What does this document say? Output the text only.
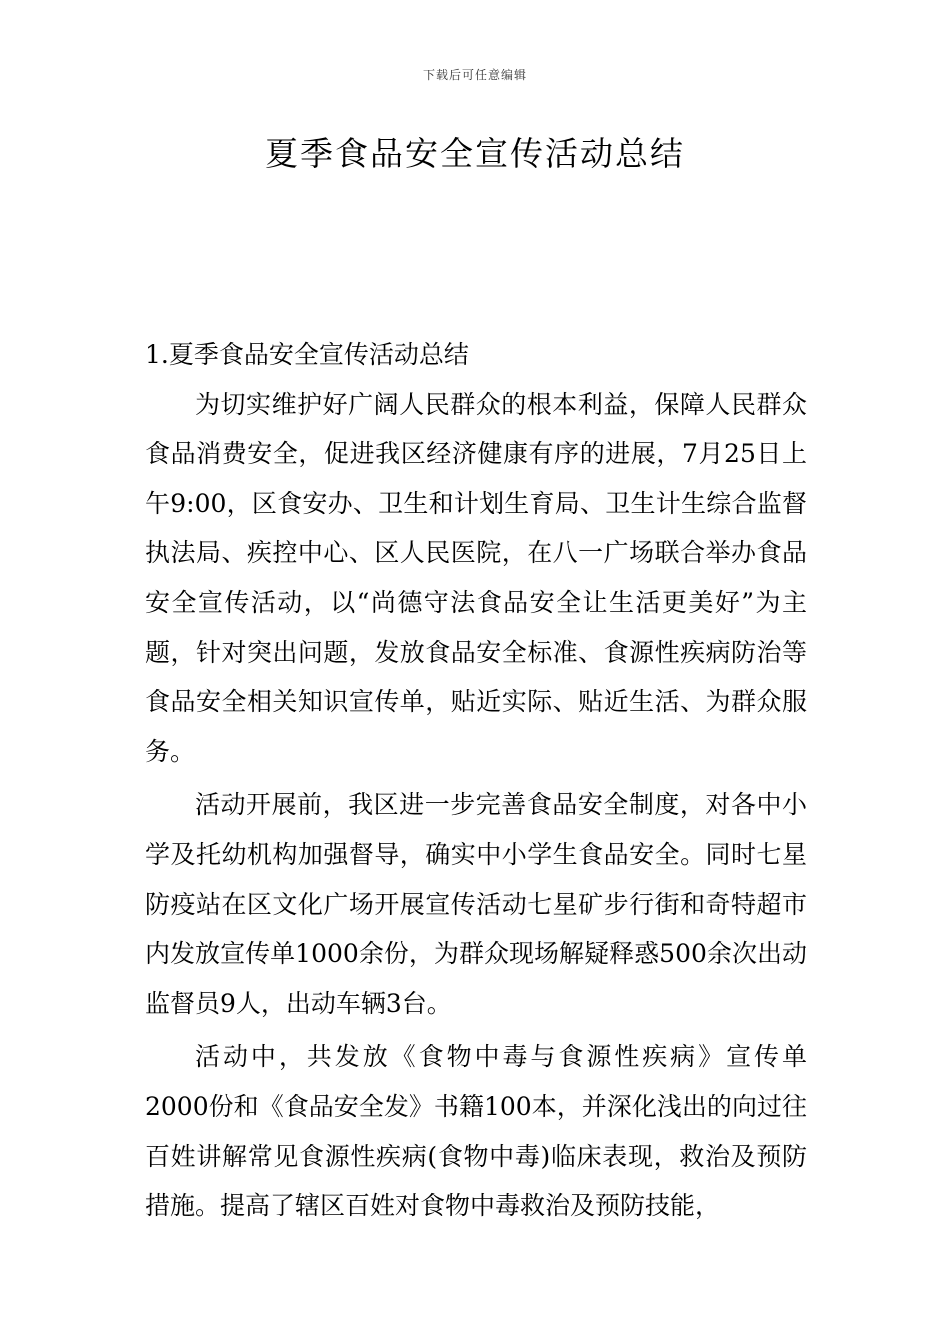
下载后可任意编辑
夏季食品安全宣传活动总结

1.夏季食品安全宣传活动总结

为切实维护好广阔人民群众的根本利益，保障人民群众食品消费安全，促进我区经济健康有序的进展，7月25日上午9:00，区食安办、卫生和计划生育局、卫生计生综合监督执法局、疾控中心、区人民医院，在八一广场联合举办食品安全宣传活动，以“尚德守法食品安全让生活更美好”为主题，针对突出问题，发放食品安全标准、食源性疾病防治等食品安全相关知识宣传单，贴近实际、贴近生活、为群众服务。

活动开展前，我区进一步完善食品安全制度，对各中小学及托幼机构加强督导，确实中小学生食品安全。同时七星防疫站在区文化广场开展宣传活动七星矿步行街和奇特超市内发放宣传单1000余份，为群众现场解疑释惑500余次出动监督员9人，出动车辆3台。

活动中，共发放《食物中毒与食源性疾病》宣传单2000份和《食品安全发》书籍100本，并深化浅出的向过往百姓讲解常见食源性疾病(食物中毒)临床表现，救治及预防措施。提高了辖区百姓对食物中毒救治及预防技能，
